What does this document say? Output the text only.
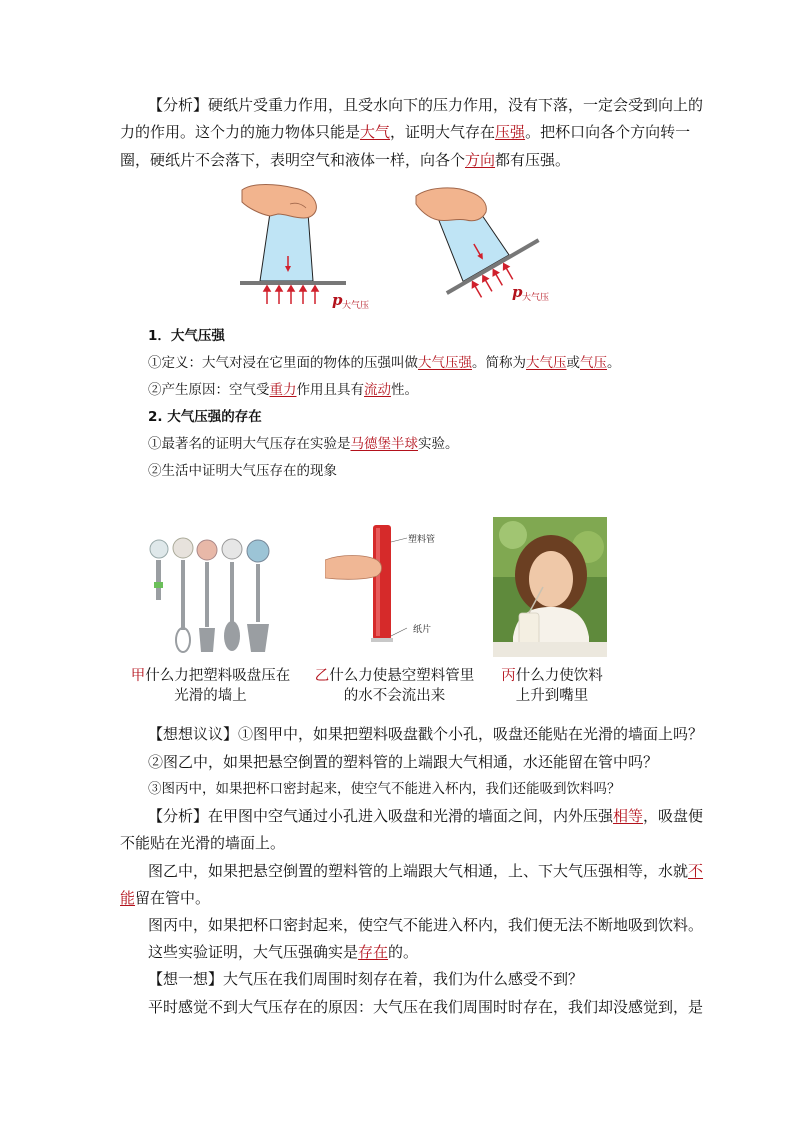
【分析】硬纸片受重力作用，且受水向下的压力作用，没有下落，一定会受到向上的
力的作用。这个力的施力物体只能是大气，证明大气存在压强。把杯口向各个方向转一
圈，硬纸片不会落下，表明空气和液体一样，向各个方向都有压强。
p 大气压
p 大气压
1．大气压强
①定义：大气对浸在它里面的物体的压强叫做大气压强。简称为大气压或气压。
②产生原因：空气受重力作用且具有流动性。
2. 大气压强的存在
①最著名的证明大气压存在实验是马德堡半球实验。
②生活中证明大气压存在的现象
塑料管
纸片
甲什么力把塑料吸盘压在
光滑的墙上
乙什么力使悬空塑料管里
的水不会流出来
丙什么力使饮料
上升到嘴里
【想想议议】①图甲中，如果把塑料吸盘戳个小孔，吸盘还能贴在光滑的墙面上吗？
②图乙中，如果把悬空倒置的塑料管的上端跟大气相通，水还能留在管中吗？
③图丙中，如果把杯口密封起来，使空气不能进入杯内，我们还能吸到饮料吗？
【分析】在甲图中空气通过小孔进入吸盘和光滑的墙面之间，内外压强相等，吸盘便
不能贴在光滑的墙面上。
图乙中，如果把悬空倒置的塑料管的上端跟大气相通，上、下大气压强相等，水就不
能留在管中。
图丙中，如果把杯口密封起来，使空气不能进入杯内，我们便无法不断地吸到饮料。
这些实验证明，大气压强确实是存在的。
【想一想】大气压在我们周围时刻存在着，我们为什么感受不到？
平时感觉不到大气压存在的原因：大气压在我们周围时时存在，我们却没感觉到，是
